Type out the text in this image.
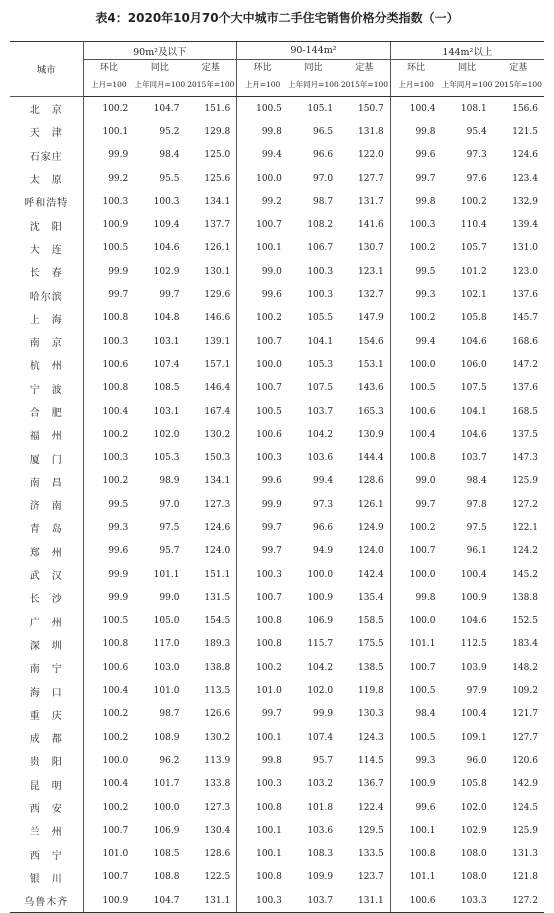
表4：2020年10月70个大中城市二手住宅销售价格分类指数（一）
城市	90m²及以下			90-144m²			144m²以上		
	环比	同比	定基	环比	同比	定基	环比	同比	定基
	上月=100	上年同月=100	2015年=100	上月=100	上年同月=100	2015年=100	上月=100	上年同月=100	2015年=100
北　京	100.2	104.7	151.6	100.5	105.1	150.7	100.4	108.1	156.6
天　津	100.1	95.2	129.8	99.8	96.5	131.8	99.8	95.4	121.5
石家庄	99.9	98.4	125.0	99.4	96.6	122.0	99.6	97.3	124.6
太　原	99.2	95.5	125.6	100.0	97.0	127.7	99.7	97.6	123.4
呼和浩特	100.3	100.3	134.1	99.2	98.7	131.7	99.8	100.2	132.9
沈　阳	100.9	109.4	137.7	100.7	108.2	141.6	100.3	110.4	139.4
大　连	100.5	104.6	126.1	100.1	106.7	130.7	100.2	105.7	131.0
长　春	99.9	102.9	130.1	99.0	100.3	123.1	99.5	101.2	123.0
哈尔滨	99.7	99.7	129.6	99.6	100.3	132.7	99.3	102.1	137.6
上　海	100.8	104.8	146.6	100.2	105.5	147.9	100.2	105.8	145.7
南　京	100.3	103.1	139.1	100.7	104.1	154.6	99.4	104.6	168.6
杭　州	100.6	107.4	157.1	100.0	105.3	153.1	100.0	106.0	147.2
宁　波	100.8	108.5	146.4	100.7	107.5	143.6	100.5	107.5	137.6
合　肥	100.4	103.1	167.4	100.5	103.7	165.3	100.6	104.1	168.5
福　州	100.2	102.0	130.2	100.6	104.2	130.9	100.4	104.6	137.5
厦　门	100.3	105.3	150.3	100.3	103.6	144.4	100.8	103.7	147.3
南　昌	100.2	98.9	134.1	99.6	99.4	128.6	99.0	98.4	125.9
济　南	99.5	97.0	127.3	99.9	97.3	126.1	99.7	97.8	127.2
青　岛	99.3	97.5	124.6	99.7	96.6	124.9	100.2	97.5	122.1
郑　州	99.6	95.7	124.0	99.7	94.9	124.0	100.7	96.1	124.2
武　汉	99.9	101.1	151.1	100.3	100.0	142.4	100.0	100.4	145.2
长　沙	99.9	99.0	131.5	100.7	100.9	135.4	99.8	100.9	138.8
广　州	100.5	105.0	154.5	100.8	106.9	158.5	100.0	104.6	152.5
深　圳	100.8	117.0	189.3	100.8	115.7	175.5	101.1	112.5	183.4
南　宁	100.6	103.0	138.8	100.2	104.2	138.5	100.7	103.9	148.2
海　口	100.4	101.0	113.5	101.0	102.0	119.8	100.5	97.9	109.2
重　庆	100.2	98.7	126.6	99.7	99.9	130.3	98.4	100.4	121.7
成　都	100.2	108.9	130.2	100.1	107.4	124.3	100.5	109.1	127.7
贵　阳	100.0	96.2	113.9	99.8	95.7	114.5	99.3	96.0	120.6
昆　明	100.4	101.7	133.8	100.3	103.2	136.7	100.9	105.8	142.9
西　安	100.2	100.0	127.3	100.8	101.8	122.4	99.6	102.0	124.5
兰　州	100.7	106.9	130.4	100.1	103.6	129.5	100.1	102.9	125.9
西　宁	101.0	108.5	128.6	100.1	108.3	133.5	100.8	108.0	131.3
银　川	100.7	108.8	122.5	100.8	109.9	123.7	101.1	108.0	121.8
乌鲁木齐	100.9	104.7	131.1	100.3	103.7	131.1	100.6	103.3	127.2
